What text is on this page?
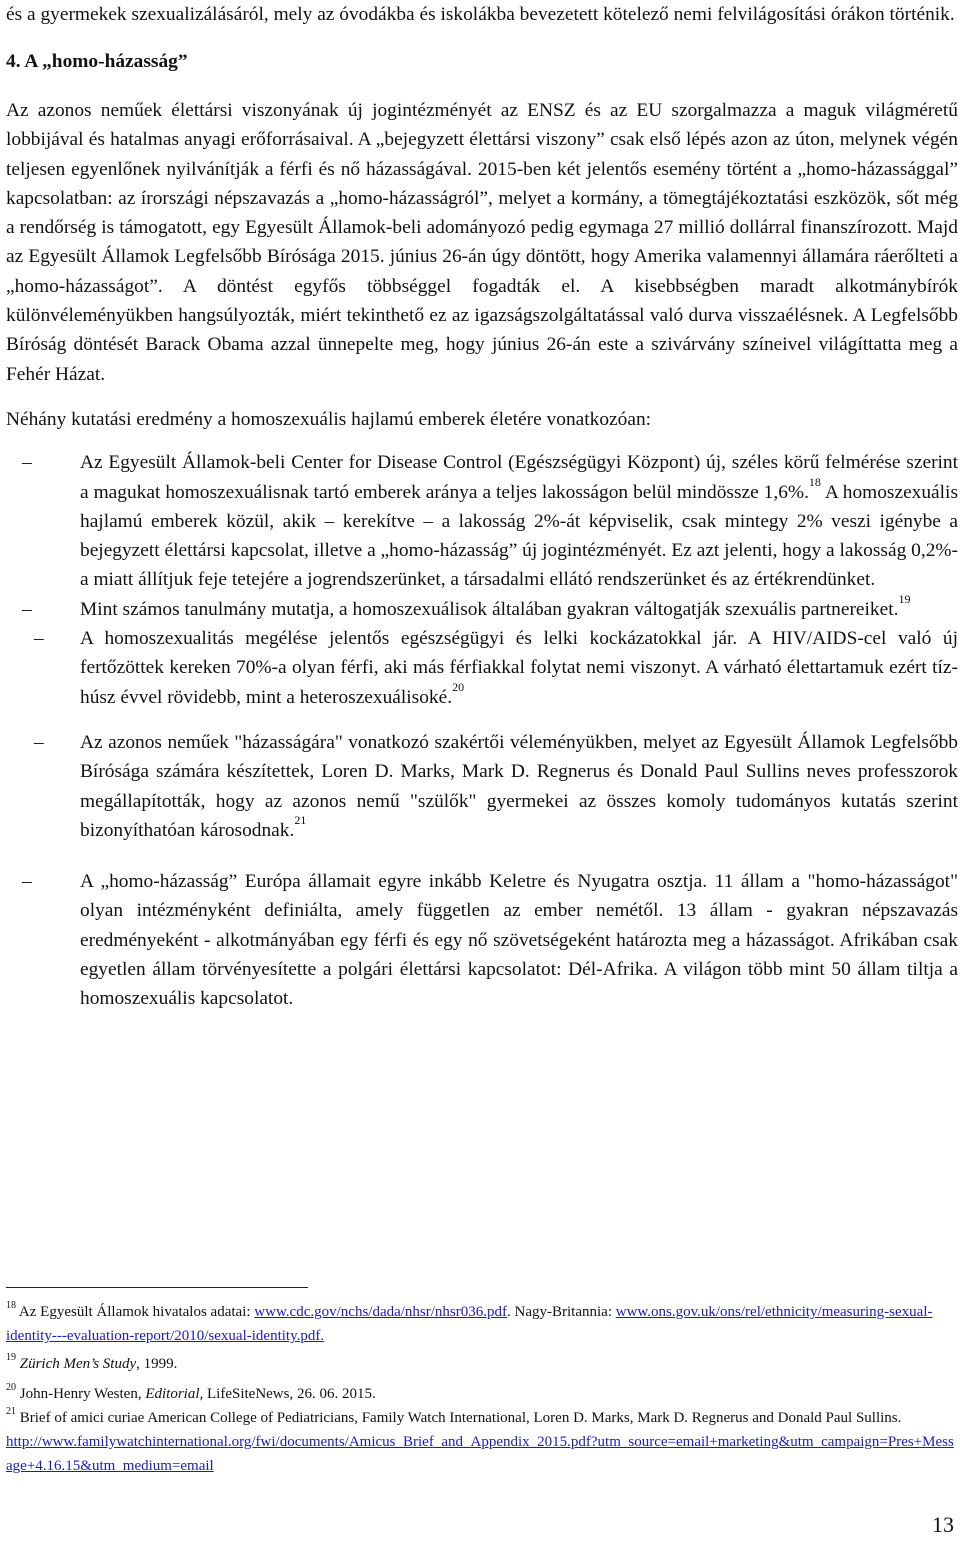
és a gyermekek szexualizálásáról, mely az óvodákba és iskolákba bevezetett kötelező nemi felvilágosítási órákon történik.

4. A „homo-házasság”

Az azonos neműek élettársi viszonyának új jogintézményét az ENSZ és az EU szorgalmazza a maguk világméretű lobbijával és hatalmas anyagi erőforrásaival. A „bejegyzett élettársi viszony” csak első lépés azon az úton, melynek végén teljesen egyenlőnek nyilvánítják a férfi és nő házasságával. 2015-ben két jelentős esemény történt a „homo-házassággal” kapcsolatban: az írországi népszavazás a „homo-házasságról”, melyet a kormány, a tömegtájékoztatási eszközök, sőt még a rendőrség is támogatott, egy Egyesült Államok-beli adományozó pedig egymaga 27 millió dollárral finanszírozott. Majd az Egyesült Államok Legfelsőbb Bírósága 2015. június 26-án úgy döntött, hogy Amerika valamennyi államára ráerőlteti a „homo-házasságot”. A döntést egyfős többséggel fogadták el. A kisebbségben maradt alkotmánybírók különvéleményükben hangsúlyozták, miért tekinthető ez az igazságszolgáltatással való durva visszaélésnek. A Legfelsőbb Bíróság döntését Barack Obama azzal ünnepelte meg, hogy június 26-án este a szivárvány színeivel világíttatta meg a Fehér Házat.

Néhány kutatási eredmény a homoszexuális hajlamú emberek életére vonatkozóan:

–	Az Egyesült Államok-beli Center for Disease Control (Egészségügyi Központ) új, széles körű felmérése szerint a magukat homoszexuálisnak tartó emberek aránya a teljes lakosságon belül mindössze 1,6%.$^{18}$ A homoszexuális hajlamú emberek közül, akik – kerekítve – a lakosság 2%-át képviselik, csak mintegy 2% veszi igénybe a bejegyzett élettársi kapcsolat, illetve a „homo-házasság” új jogintézményét. Ez azt jelenti, hogy a lakosság 0,2%-a miatt állítjuk feje tetejére a jogrendszerünket, a társadalmi ellátó rendszerünket és az értékrendünket.
–	Mint számos tanulmány mutatja, a homoszexuálisok általában gyakran váltogatják szexuális partnereiket.$^{19}$
–	A homoszexualitás megélése jelentős egészségügyi és lelki kockázatokkal jár. A HIV/AIDS-cel való új fertőzöttek kereken 70%-a olyan férfi, aki más férfiakkal folytat nemi viszonyt. A várható élettartamuk ezért tíz-húsz évvel rövidebb, mint a heteroszexuálisoké.$^{20}$
–	Az azonos neműek "házasságára" vonatkozó szakértői véleményükben, melyet az Egyesült Államok Legfelsőbb Bírósága számára készítettek, Loren D. Marks, Mark D. Regnerus és Donald Paul Sullins neves professzorok megállapították, hogy az azonos nemű "szülők" gyermekei az összes komoly tudományos kutatás szerint bizonyíthatóan károsodnak.$^{21}$
–	A „homo-házasság” Európa államait egyre inkább Keletre és Nyugatra osztja. 11 állam a "homo-házasságot" olyan intézményként definiálta, amely független az ember nemétől. 13 állam - gyakran népszavazás eredményeként - alkotmányában egy férfi és egy nő szövetségeként határozta meg a házasságot. Afrikában csak egyetlen állam törvényesítette a polgári élettársi kapcsolatot: Dél-Afrika. A világon több mint 50 állam tiltja a homoszexuális kapcsolatot.

$^{18}$ Az Egyesült Államok hivatalos adatai: www.cdc.gov/nchs/dada/nhsr/nhsr036.pdf. Nagy-Britannia: www.ons.gov.uk/ons/rel/ethnicity/measuring-sexual-identity---evaluation-report/2010/sexual-identity.pdf.

$^{19}$ Zürich Men’s Study, 1999.

$^{20}$ John-Henry Westen, Editorial, LifeSiteNews, 26. 06. 2015.

$^{21}$ Brief of amici curiae American College of Pediatricians, Family Watch International, Loren D. Marks, Mark D. Regnerus and Donald Paul Sullins.
http://www.familywatchinternational.org/fwi/documents/Amicus_Brief_and_Appendix_2015.pdf?utm_source=email+marketing&utm_campaign=Pres+Message+4.16.15&utm_medium=email

13
